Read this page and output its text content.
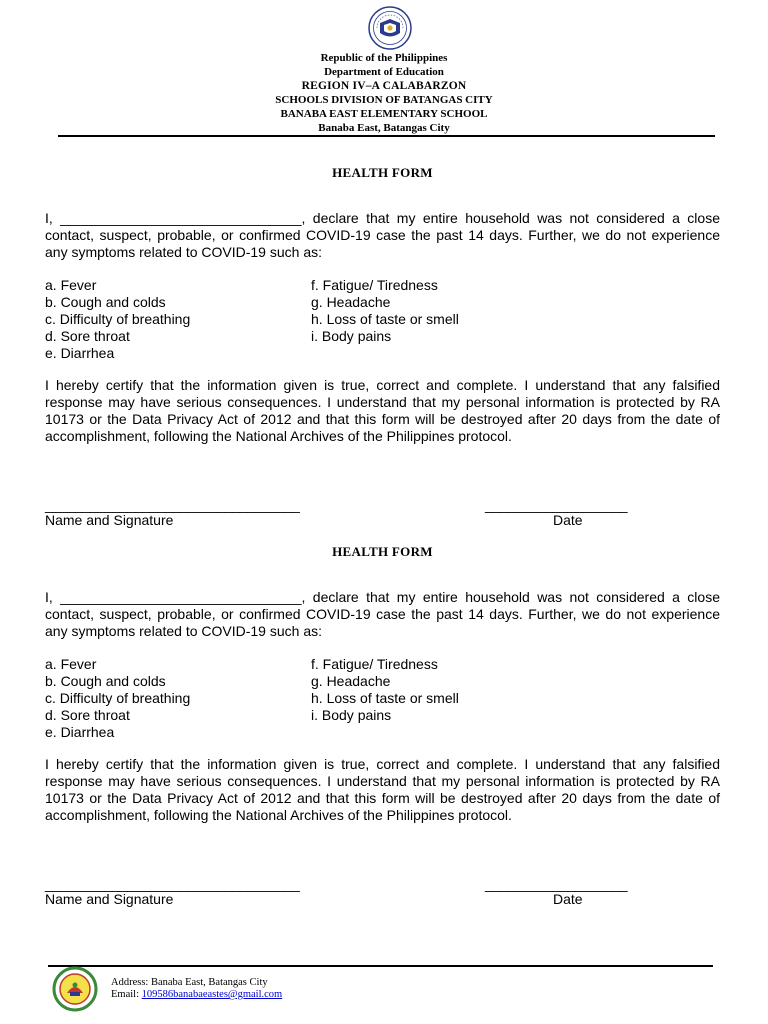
Republic of the Philippines
Department of Education
REGION IV–A CALABARZON
SCHOOLS DIVISION OF BATANGAS CITY
BANABA EAST ELEMENTARY SCHOOL
Banaba East, Batangas City
HEALTH FORM

I, _______________________________, declare that my entire household was not considered a close contact, suspect, probable, or confirmed COVID-19 case the past 14 days. Further, we do not experience any symptoms related to COVID-19 such as:

a. Fever
b. Cough and colds
c. Difficulty of breathing
d. Sore throat
e. Diarrhea
f. Fatigue/ Tiredness
g. Headache
h. Loss of taste or smell
i. Body pains

I hereby certify that the information given is true, correct and complete. I understand that any falsified response may have serious consequences. I understand that my personal information is protected by RA 10173 or the Data Privacy Act of 2012 and that this form will be destroyed after 20 days from the date of accomplishment, following the National Archives of the Philippines protocol.

__________________________________
Name and Signature
___________________
Date
HEALTH FORM

I, _______________________________, declare that my entire household was not considered a close contact, suspect, probable, or confirmed COVID-19 case the past 14 days. Further, we do not experience any symptoms related to COVID-19 such as:

a. Fever
b. Cough and colds
c. Difficulty of breathing
d. Sore throat
e. Diarrhea
f. Fatigue/ Tiredness
g. Headache
h. Loss of taste or smell
i. Body pains

I hereby certify that the information given is true, correct and complete. I understand that any falsified response may have serious consequences. I understand that my personal information is protected by RA 10173 or the Data Privacy Act of 2012 and that this form will be destroyed after 20 days from the date of accomplishment, following the National Archives of the Philippines protocol.

__________________________________
Name and Signature
___________________
Date
Address: Banaba East, Batangas City
Email: 109586banabaeastes@gmail.com
